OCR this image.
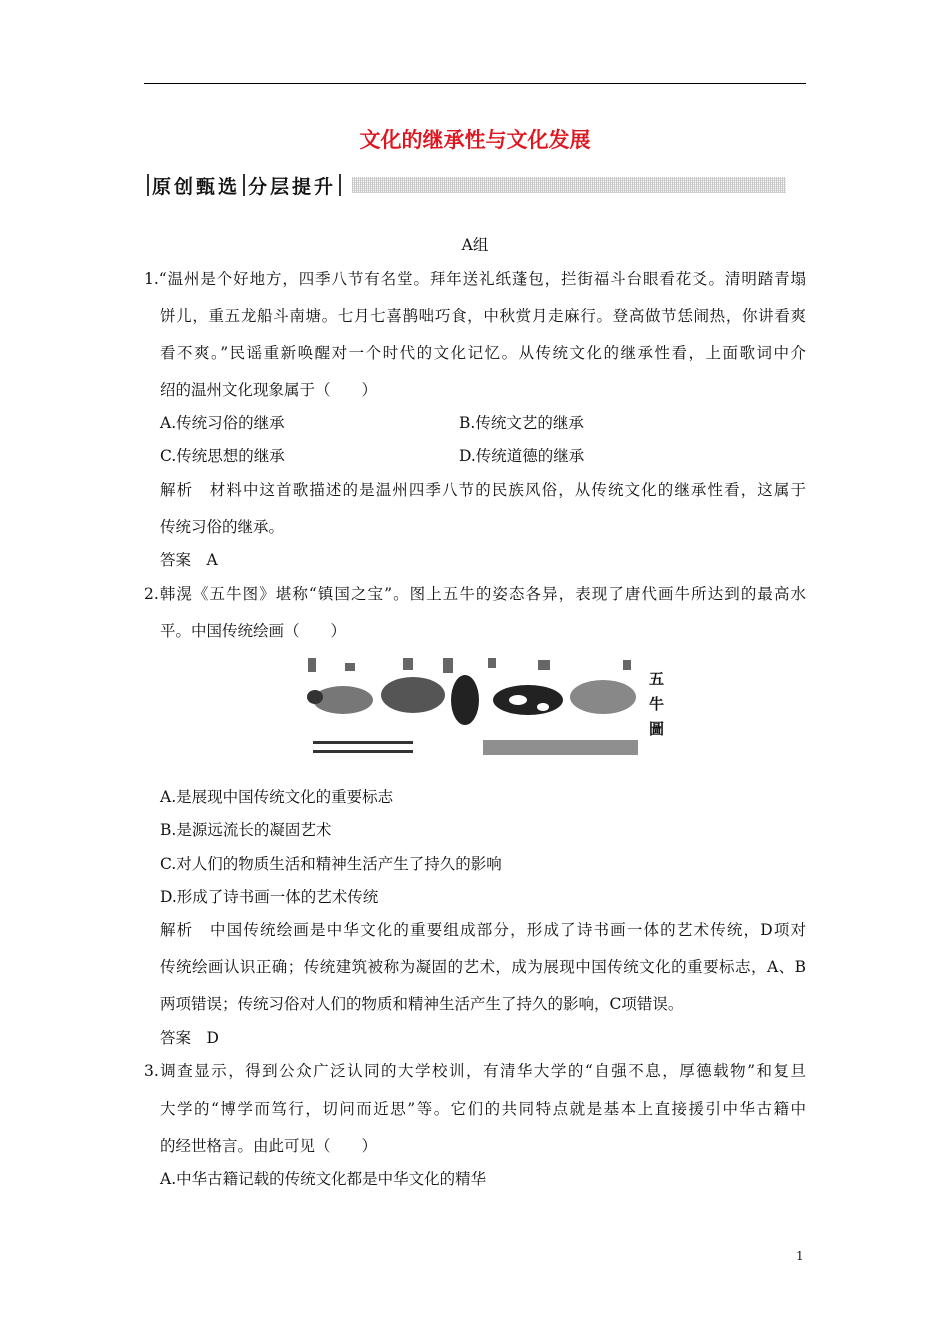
文化的继承性与文化发展
原创甄选 分层提升
A组
1.“温州是个好地方，四季八节有名堂。拜年送礼纸蓬包，拦街福斗台眼看花爻。清明踏青塌
饼儿，重五龙船斗南塘。七月七喜鹊咄巧食，中秋赏月走麻行。登高做节恁闹热，你讲看爽
看不爽。”民谣重新唤醒对一个时代的文化记忆。从传统文化的继承性看，上面歌词中介
绍的温州文化现象属于（　　）
A.传统习俗的继承	B.传统文艺的继承
C.传统思想的继承	D.传统道德的继承
解析　材料中这首歌描述的是温州四季八节的民族风俗，从传统文化的继承性看，这属于
传统习俗的继承。
答案　A
2.韩滉《五牛图》堪称“镇国之宝”。图上五牛的姿态各异，表现了唐代画牛所达到的最高水
平。中国传统绘画（　　）
五牛圖
A.是展现中国传统文化的重要标志
B.是源远流长的凝固艺术
C.对人们的物质生活和精神生活产生了持久的影响
D.形成了诗书画一体的艺术传统
解析　中国传统绘画是中华文化的重要组成部分，形成了诗书画一体的艺术传统，D项对
传统绘画认识正确；传统建筑被称为凝固的艺术，成为展现中国传统文化的重要标志，A、B
两项错误；传统习俗对人们的物质和精神生活产生了持久的影响，C项错误。
答案　D
3.调查显示，得到公众广泛认同的大学校训，有清华大学的“自强不息，厚德载物”和复旦
大学的“博学而笃行，切问而近思”等。它们的共同特点就是基本上直接援引中华古籍中
的经世格言。由此可见（　　）
A.中华古籍记载的传统文化都是中华文化的精华
1
